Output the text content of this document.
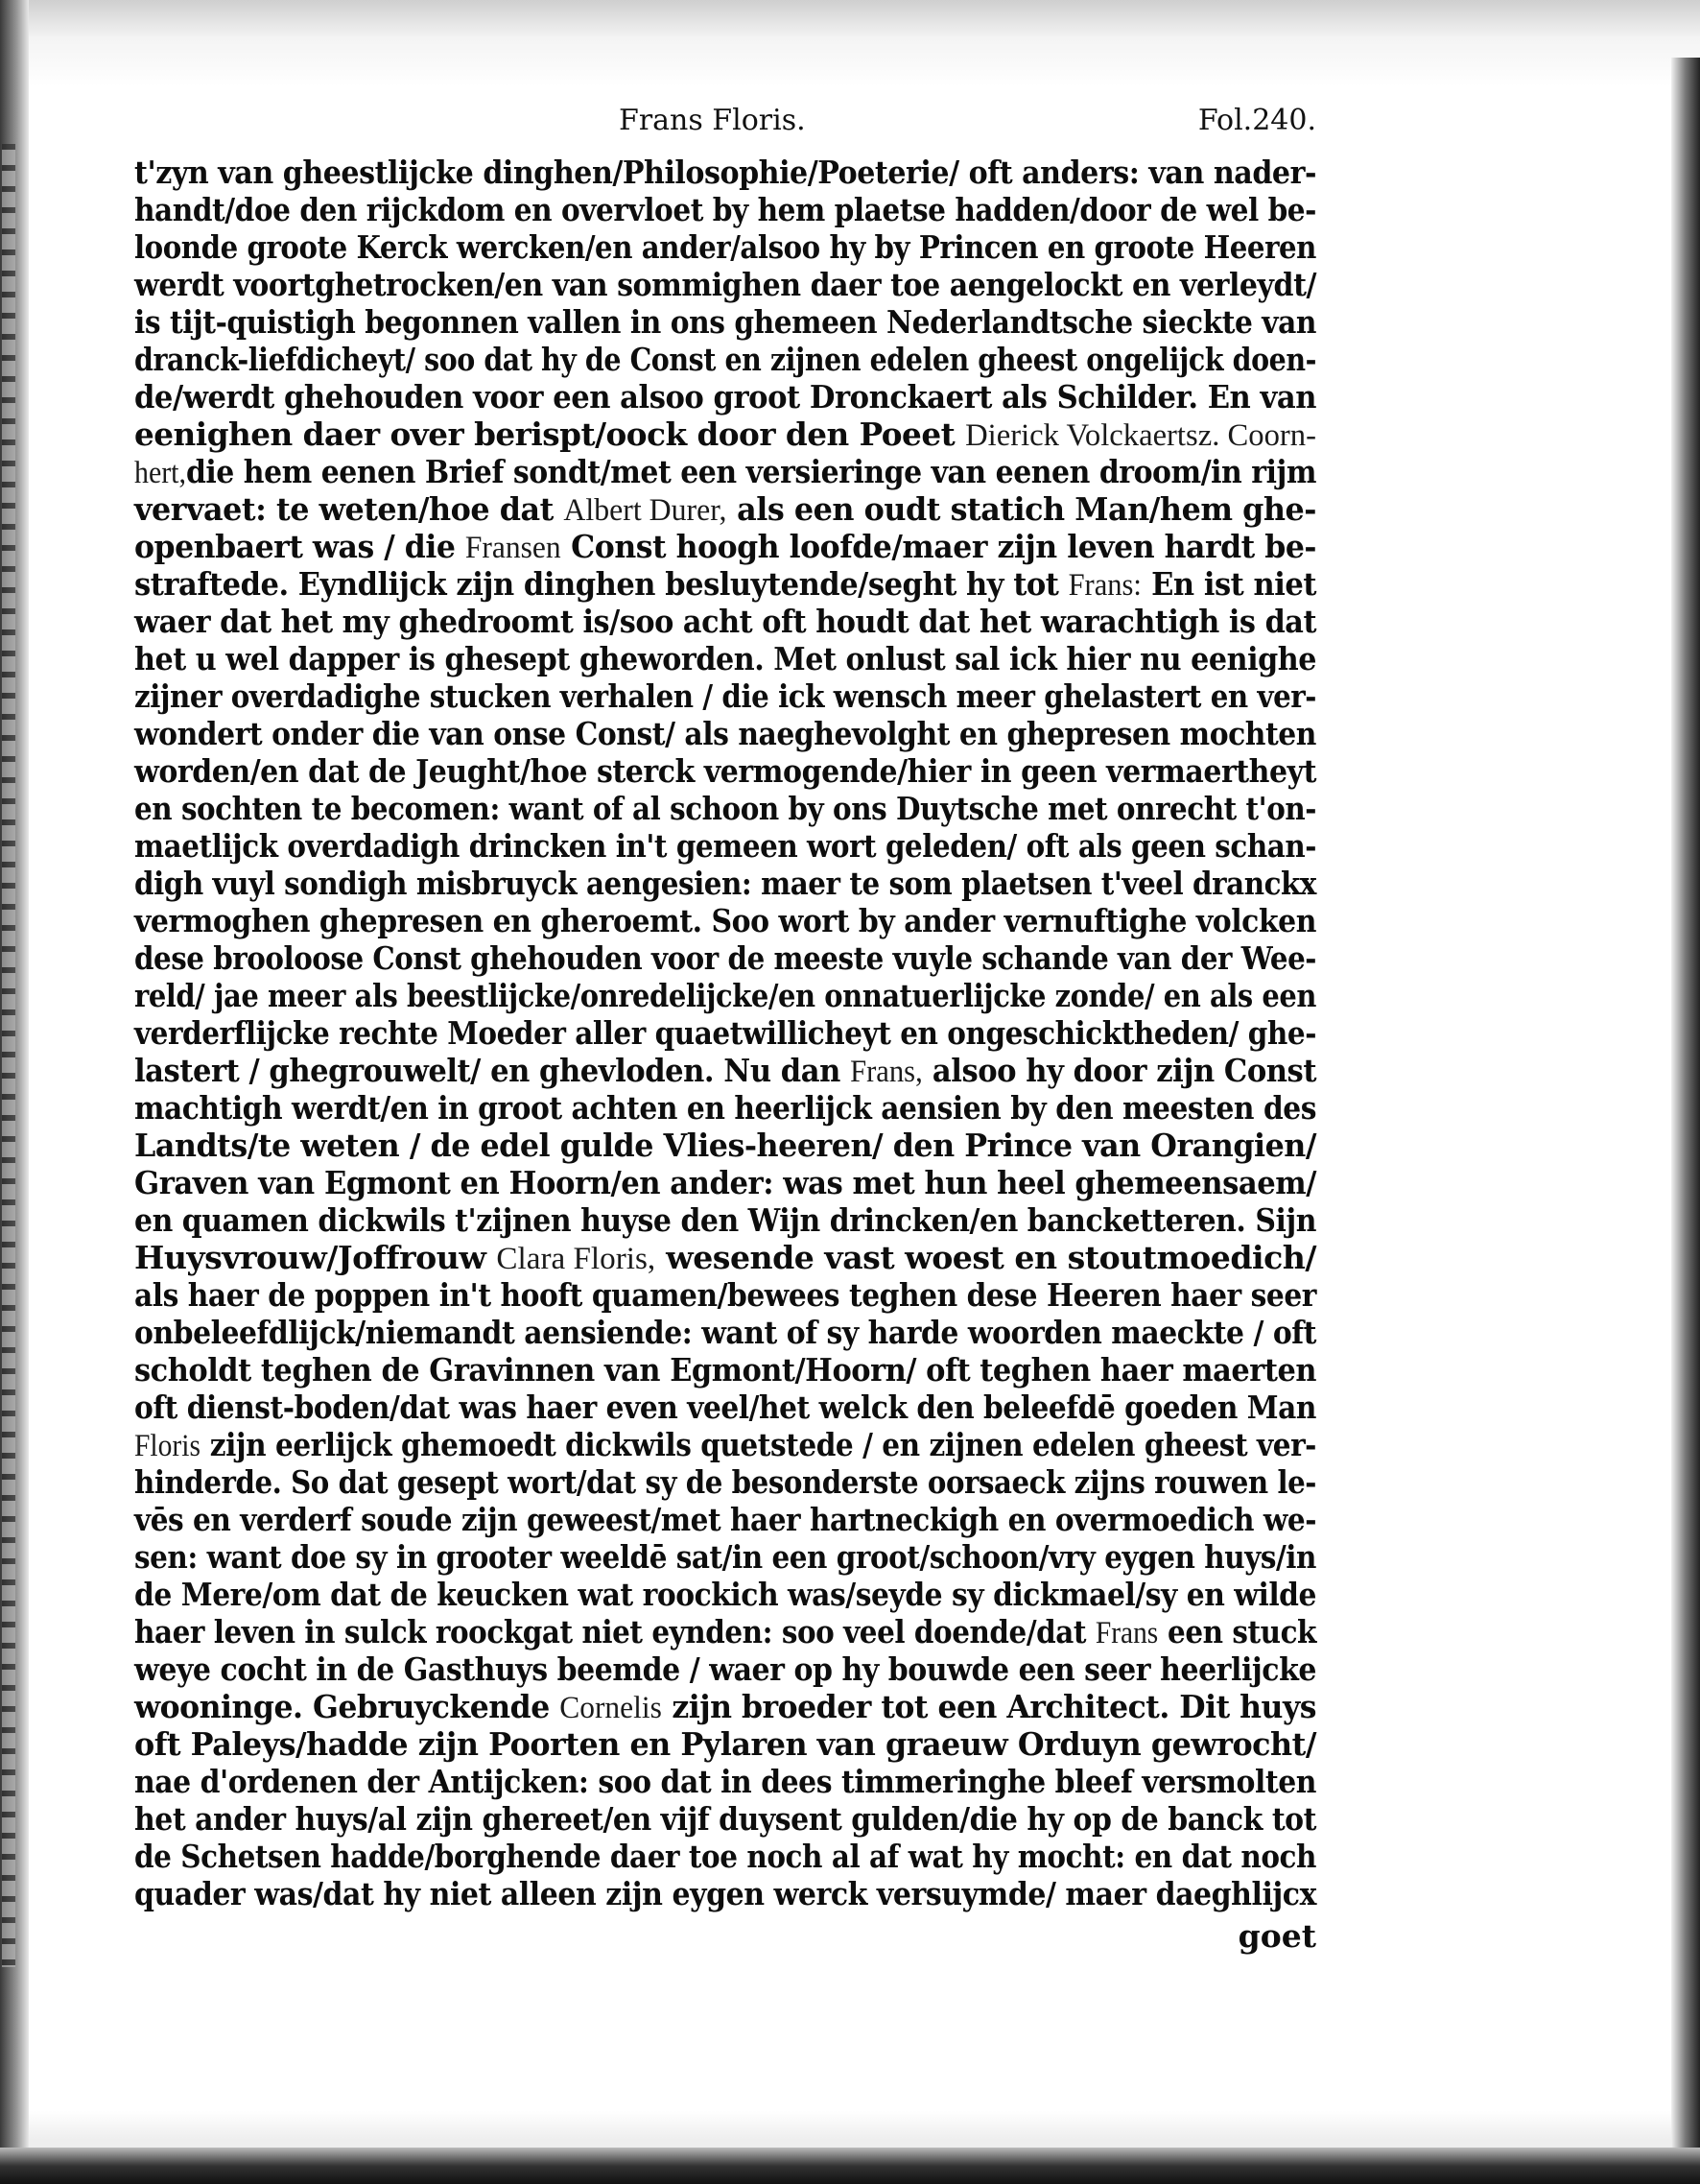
Frans Floris.	Fol.240.
t'zyn van gheestlijcke dinghen/Philosophie/Poeterie/ oft anders: van nader-
handt/doe den rijckdom en overvloet by hem plaetse hadden/door de wel be-
loonde groote Kerck wercken/en ander/alsoo hy by Princen en groote Heeren
werdt voortghetrocken/en van sommighen daer toe aengelockt en verleydt/
is tijt-quistigh begonnen vallen in ons ghemeen Nederlandtsche sieckte van
dranck-liefdicheyt/ soo dat hy de Const en zijnen edelen gheest ongelijck doen-
de/werdt ghehouden voor een alsoo groot Dronckaert als Schilder. En van
eenighen daer over berispt/oock door den Poeet Dierick Volckaertsz. Coorn-
hert,die hem eenen Brief sondt/met een versieringe van eenen droom/in rijm
vervaet: te weten/hoe dat Albert Durer, als een oudt statich Man/hem ghe-
openbaert was / die Fransen Const hoogh loofde/maer zijn leven hardt be-
straftede. Eyndlijck zijn dinghen besluytende/seght hy tot Frans: En ist niet
waer dat het my ghedroomt is/soo acht oft houdt dat het warachtigh is dat
het u wel dapper is ghesept gheworden. Met onlust sal ick hier nu eenighe
zijner overdadighe stucken verhalen / die ick wensch meer ghelastert en ver-
wondert onder die van onse Const/ als naeghevolght en ghepresen mochten
worden/en dat de Jeught/hoe sterck vermogende/hier in geen vermaertheyt
en sochten te becomen: want of al schoon by ons Duytsche met onrecht t'on-
maetlijck overdadigh drincken in't gemeen wort geleden/ oft als geen schan-
digh vuyl sondigh misbruyck aengesien: maer te som plaetsen t'veel dranckx
vermoghen ghepresen en gheroemt. Soo wort by ander vernuftighe volcken
dese brooloose Const ghehouden voor de meeste vuyle schande van der Wee-
reld/ jae meer als beestlijcke/onredelijcke/en onnatuerlijcke zonde/ en als een
verderflijcke rechte Moeder aller quaetwillicheyt en ongeschicktheden/ ghe-
lastert / ghegrouwelt/ en ghevloden. Nu dan Frans, alsoo hy door zijn Const
machtigh werdt/en in groot achten en heerlijck aensien by den meesten des
Landts/te weten / de edel gulde Vlies-heeren/ den Prince van Orangien/
Graven van Egmont en Hoorn/en ander: was met hun heel ghemeensaem/
en quamen dickwils t'zijnen huyse den Wijn drincken/en bancketteren. Sijn
Huysvrouw/Joffrouw Clara Floris, wesende vast woest en stoutmoedich/
als haer de poppen in't hooft quamen/bewees teghen dese Heeren haer seer
onbeleefdlijck/niemandt aensiende: want of sy harde woorden maeckte / oft
scholdt teghen de Gravinnen van Egmont/Hoorn/ oft teghen haer maerten
oft dienst-boden/dat was haer even veel/het welck den beleefdē goeden Man
Floris zijn eerlijck ghemoedt dickwils quetstede / en zijnen edelen gheest ver-
hinderde. So dat gesept wort/dat sy de besonderste oorsaeck zijns rouwen le-
vēs en verderf soude zijn geweest/met haer hartneckigh en overmoedich we-
sen: want doe sy in grooter weeldē sat/in een groot/schoon/vry eygen huys/in
de Mere/om dat de keucken wat roockich was/seyde sy dickmael/sy en wilde
haer leven in sulck roockgat niet eynden: soo veel doende/dat Frans een stuck
weye cocht in de Gasthuys beemde / waer op hy bouwde een seer heerlijcke
wooninge. Gebruyckende Cornelis zijn broeder tot een Architect. Dit huys
oft Paleys/hadde zijn Poorten en Pylaren van graeuw Orduyn gewrocht/
nae d'ordenen der Antijcken: soo dat in dees timmeringhe bleef versmolten
het ander huys/al zijn ghereet/en vijf duysent gulden/die hy op de banck tot
de Schetsen hadde/borghende daer toe noch al af wat hy mocht: en dat noch
quader was/dat hy niet alleen zijn eygen werck versuymde/ maer daeghlijcx
goet
